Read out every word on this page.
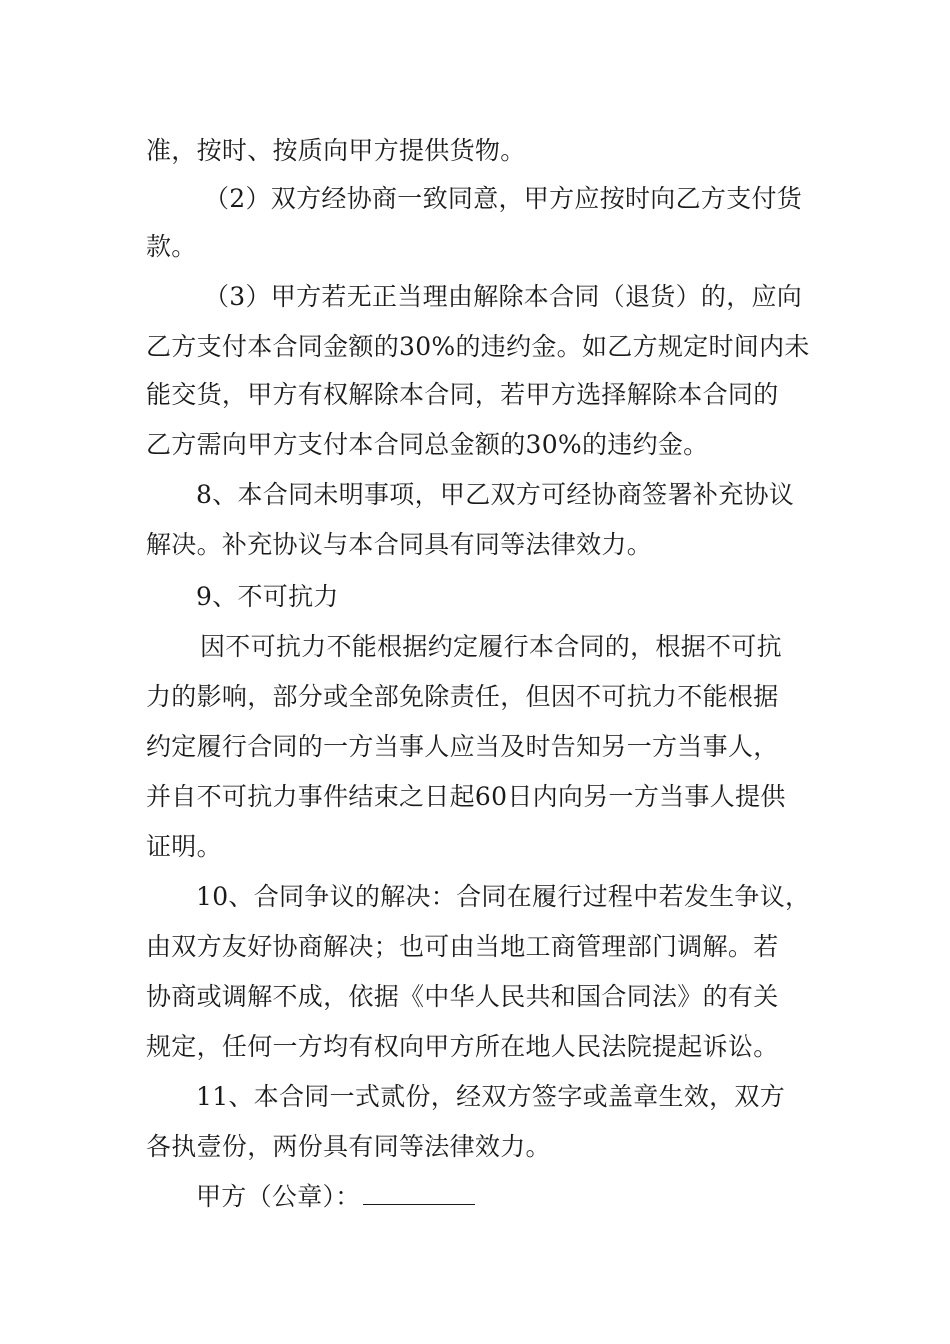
准，按时、按质向甲方提供货物。
（2）双方经协商一致同意，甲方应按时向乙方支付货
款。
（3）甲方若无正当理由解除本合同（退货）的，应向
乙方支付本合同金额的30%的违约金。如乙方规定时间内未
能交货，甲方有权解除本合同，若甲方选择解除本合同的
乙方需向甲方支付本合同总金额的30%的违约金。
8、本合同未明事项，甲乙双方可经协商签署补充协议
解决。补充协议与本合同具有同等法律效力。
9、不可抗力
因不可抗力不能根据约定履行本合同的，根据不可抗
力的影响，部分或全部免除责任，但因不可抗力不能根据
约定履行合同的一方当事人应当及时告知另一方当事人，
并自不可抗力事件结束之日起60日内向另一方当事人提供
证明。
10、合同争议的解决：合同在履行过程中若发生争议，
由双方友好协商解决；也可由当地工商管理部门调解。若
协商或调解不成，依据《中华人民共和国合同法》的有关
规定，任何一方均有权向甲方所在地人民法院提起诉讼。
11、本合同一式贰份，经双方签字或盖章生效，双方
各执壹份，两份具有同等法律效力。
甲方（公章）：
